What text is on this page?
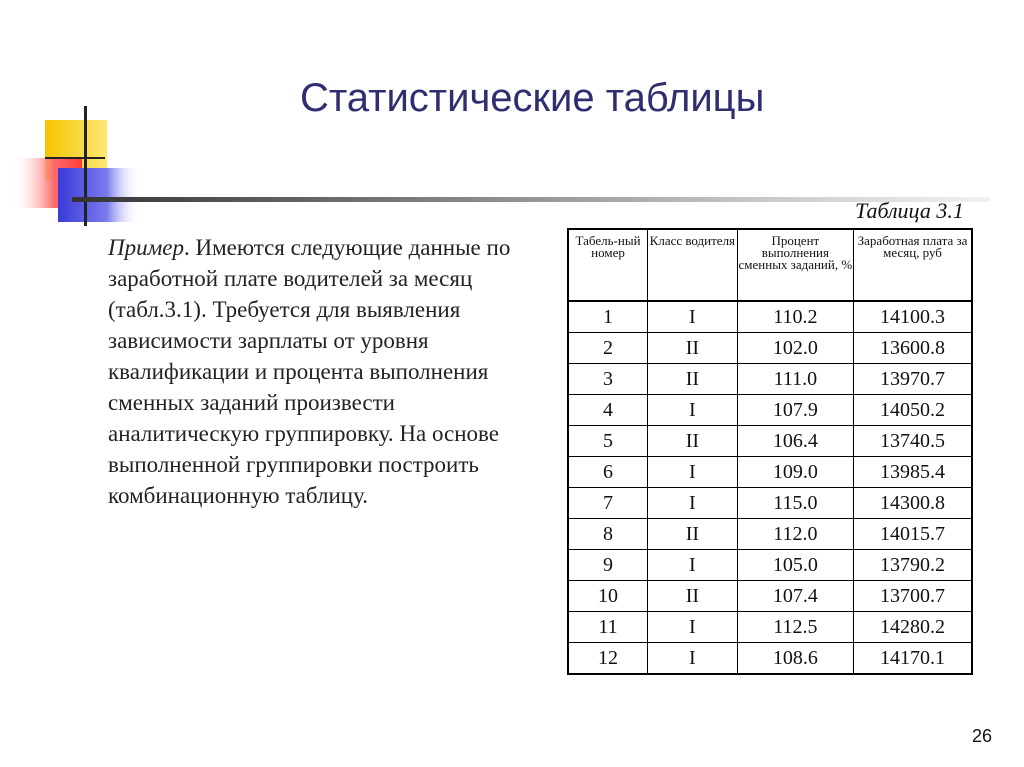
Статистические таблицы
Таблица 3.1
Пример. Имеются следующие данные по заработной плате водителей за месяц (табл.3.1). Требуется для выявления зависимости зарплаты от уровня квалификации и процента выполнения сменных заданий произвести аналитическую группировку. На основе выполненной группировки построить комбинационную таблицу.
Табель-ный номер	Класс водителя	Процент выполнения сменных заданий, %	Заработная плата за месяц, руб
1	I	110.2	14100.3
2	II	102.0	13600.8
3	II	111.0	13970.7
4	I	107.9	14050.2
5	II	106.4	13740.5
6	I	109.0	13985.4
7	I	115.0	14300.8
8	II	112.0	14015.7
9	I	105.0	13790.2
10	II	107.4	13700.7
11	I	112.5	14280.2
12	I	108.6	14170.1
26
